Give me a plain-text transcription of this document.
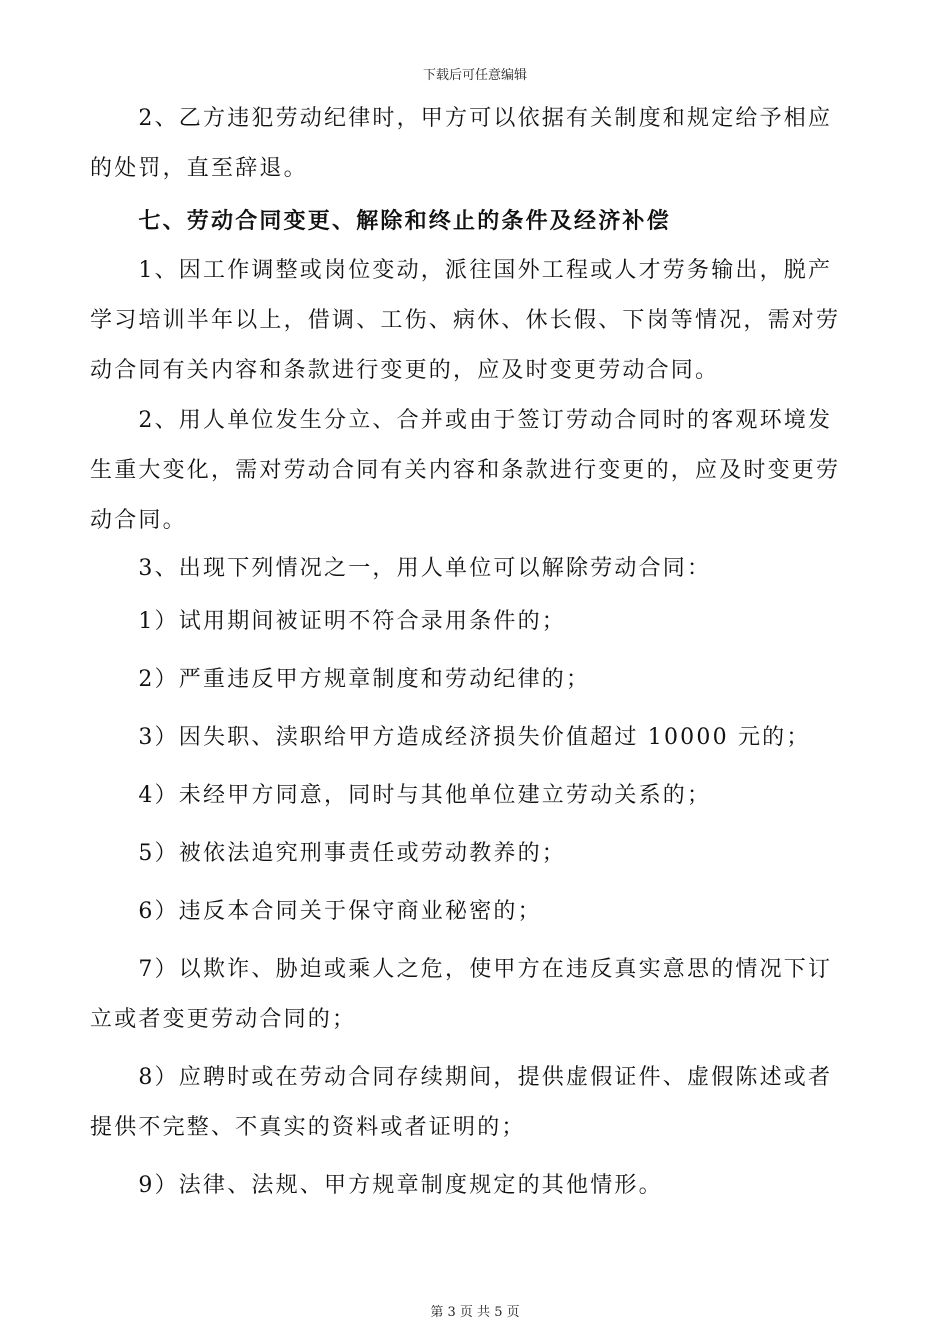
下载后可任意编辑
　　2、乙方违犯劳动纪律时，甲方可以依据有关制度和规定给予相应
的处罚，直至辞退。
　　七、劳动合同变更、解除和终止的条件及经济补偿
　　1、因工作调整或岗位变动，派往国外工程或人才劳务输出，脱产
学习培训半年以上，借调、工伤、病休、休长假、下岗等情况，需对劳
动合同有关内容和条款进行变更的，应及时变更劳动合同。
　　2、用人单位发生分立、合并或由于签订劳动合同时的客观环境发
生重大变化，需对劳动合同有关内容和条款进行变更的，应及时变更劳
动合同。
　　3、出现下列情况之一，用人单位可以解除劳动合同：
　　1）试用期间被证明不符合录用条件的；
　　2）严重违反甲方规章制度和劳动纪律的；
　　3）因失职、渎职给甲方造成经济损失价值超过 10000 元的；
　　4）未经甲方同意，同时与其他单位建立劳动关系的；
　　5）被依法追究刑事责任或劳动教养的；
　　6）违反本合同关于保守商业秘密的；
　　7）以欺诈、胁迫或乘人之危，使甲方在违反真实意思的情况下订
立或者变更劳动合同的；
　　8）应聘时或在劳动合同存续期间，提供虚假证件、虚假陈述或者
提供不完整、不真实的资料或者证明的；
　　9）法律、法规、甲方规章制度规定的其他情形。
第 3 页 共 5 页
